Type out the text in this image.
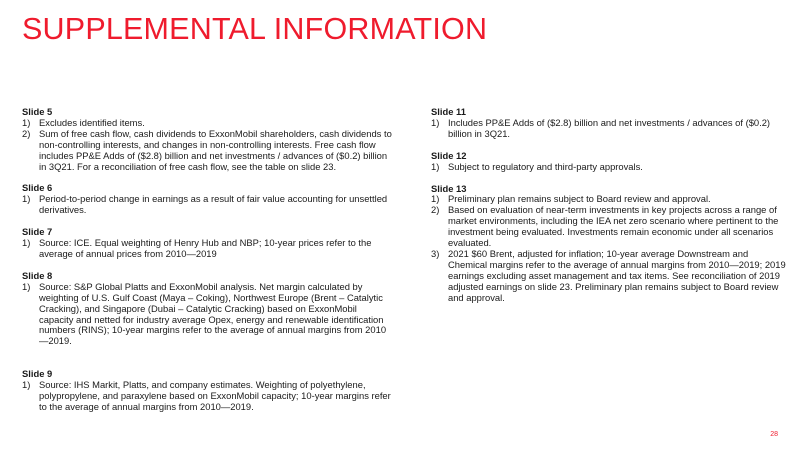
SUPPLEMENTAL INFORMATION

Slide 5

1) Excludes identified items.
2) Sum of free cash flow, cash dividends to ExxonMobil shareholders, cash dividends to non-controlling interests, and changes in non-controlling interests. Free cash flow includes PP&E Adds of ($2.8) billion and net investments / advances of ($0.2) billion in 3Q21. For a reconciliation of free cash flow, see the table on slide 23.

Slide 6

1) Period-to-period change in earnings as a result of fair value accounting for unsettled derivatives.

Slide 7

1) Source: ICE. Equal weighting of Henry Hub and NBP; 10-year prices refer to the average of annual prices from 2010—2019

Slide 8

1) Source: S&P Global Platts and ExxonMobil analysis. Net margin calculated by weighting of U.S. Gulf Coast (Maya – Coking), Northwest Europe (Brent – Catalytic Cracking), and Singapore (Dubai – Catalytic Cracking) based on ExxonMobil capacity and netted for industry average Opex, energy and renewable identification numbers (RINS); 10-year margins refer to the average of annual margins from 2010—2019.

Slide 9

1) Source: IHS Markit, Platts, and company estimates. Weighting of polyethylene, polypropylene, and paraxylene based on ExxonMobil capacity; 10-year margins refer to the average of annual margins from 2010—2019.

Slide 11

1) Includes PP&E Adds of ($2.8) billion and net investments / advances of ($0.2) billion in 3Q21.

Slide 12

1) Subject to regulatory and third-party approvals.

Slide 13

1) Preliminary plan remains subject to Board review and approval.
2) Based on evaluation of near-term investments in key projects across a range of market environments, including the IEA net zero scenario where pertinent to the investment being evaluated. Investments remain economic under all scenarios evaluated.
3) 2021 $60 Brent, adjusted for inflation; 10-year average Downstream and Chemical margins refer to the average of annual margins from 2010—2019; 2019 earnings excluding asset management and tax items. See reconciliation of 2019 adjusted earnings on slide 23. Preliminary plan remains subject to Board review and approval.
28
